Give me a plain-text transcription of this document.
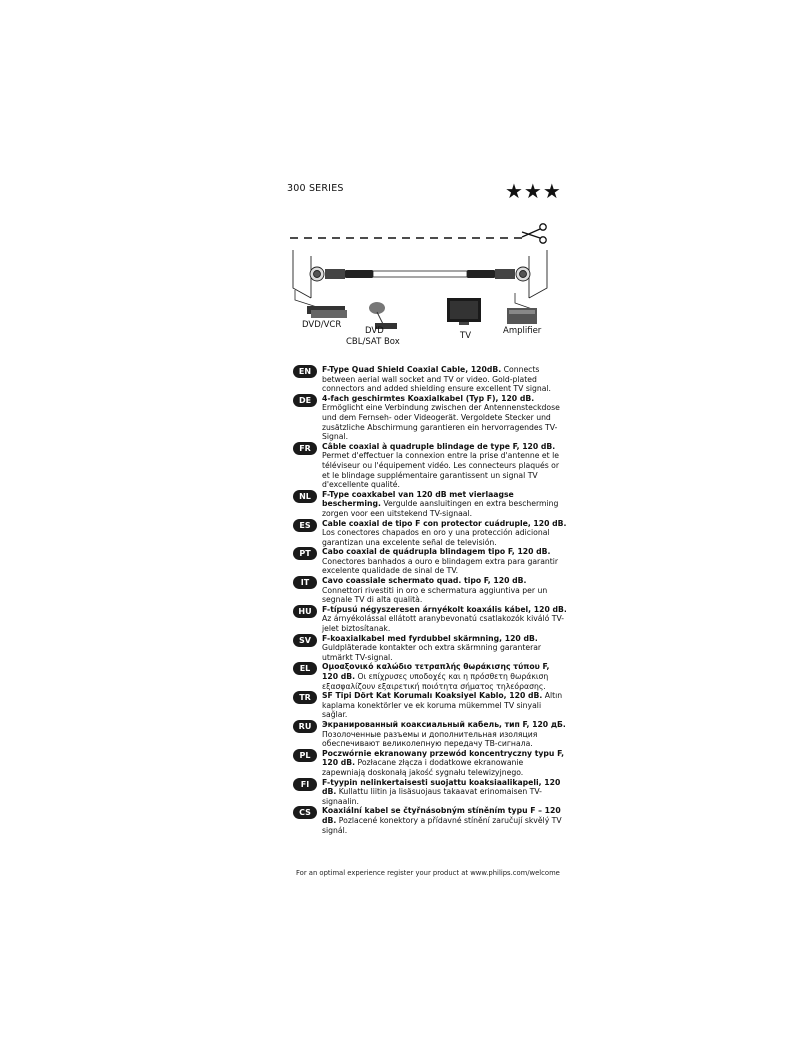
300 SERIES	★★★
DVD/VCR
DVD
CBL/SAT Box
TV	Amplifier
EN	F-Type Quad Shield Coaxial Cable, 120dB. Connects between aerial wall socket and TV or video. Gold-plated connectors and added shielding ensure excellent TV signal.
DE	4-fach geschirmtes Koaxialkabel (Typ F), 120 dB. Ermöglicht eine Verbindung zwischen der Antennensteckdose und dem Fernseh- oder Videogerät. Vergoldete Stecker und zusätzliche Abschirmung garantieren ein hervorragendes TV-Signal.
FR	Câble coaxial à quadruple blindage de type F, 120 dB. Permet d'effectuer la connexion entre la prise d'antenne et le téléviseur ou l'équipement vidéo. Les connecteurs plaqués or et le blindage supplémentaire garantissent un signal TV d'excellente qualité.
NL	F-Type coaxkabel van 120 dB met vierlaagse bescherming. Vergulde aansluitingen en extra bescherming zorgen voor een uitstekend TV-signaal.
ES	Cable coaxial de tipo F con protector cuádruple, 120 dB. Los conectores chapados en oro y una protección adicional garantizan una excelente señal de televisión.
PT	Cabo coaxial de quádrupla blindagem tipo F, 120 dB. Conectores banhados a ouro e blindagem extra para garantir excelente qualidade de sinal de TV.
IT	Cavo coassiale schermato quad. tipo F, 120 dB. Connettori rivestiti in oro e schermatura aggiuntiva per un segnale TV di alta qualità.
HU	F-típusú négyszeresen árnyékolt koaxális kábel, 120 dB. Az árnyékolással ellátott aranybevonatú csatlakozók kiváló TV-jelet biztosítanak.
SV	F-koaxialkabel med fyrdubbel skärmning, 120 dB. Guldpläterade kontakter och extra skärmning garanterar utmärkt TV-signal.
EL	Ομοαξονικό καλώδιο τετραπλής θωράκισης τύπου F, 120 dB. Οι επίχρυσες υποδοχές και η πρόσθετη θωράκιση εξασφαλίζουν εξαιρετική ποιότητα σήματος τηλεόρασης.
TR	SF Tipi Dört Kat Korumalı Koaksiyel Kablo, 120 dB. Altın kaplama konektörler ve ek koruma mükemmel TV sinyali sağlar.
RU	Экранированный коаксиальный кабель, тип F, 120 дБ. Позолоченные разъемы и дополнительная изоляция обеспечивают великолепную передачу ТВ-сигнала.
PL	Poczwórnie ekranowany przewód koncentryczny typu F, 120 dB. Pozłacane złącza i dodatkowe ekranowanie zapewniają doskonałą jakość sygnału telewizyjnego.
FI	F-tyypin nelinkertaisesti suojattu koaksiaalikapeli, 120 dB. Kullattu liitin ja lisäsuojaus takaavat erinomaisen TV-signaalin.
CS	Koaxiální kabel se čtyřnásobným stíněním typu F – 120 dB. Pozlacené konektory a přídavné stínění zaručují skvělý TV signál.
For an optimal experience register your product at www.philips.com/welcome
